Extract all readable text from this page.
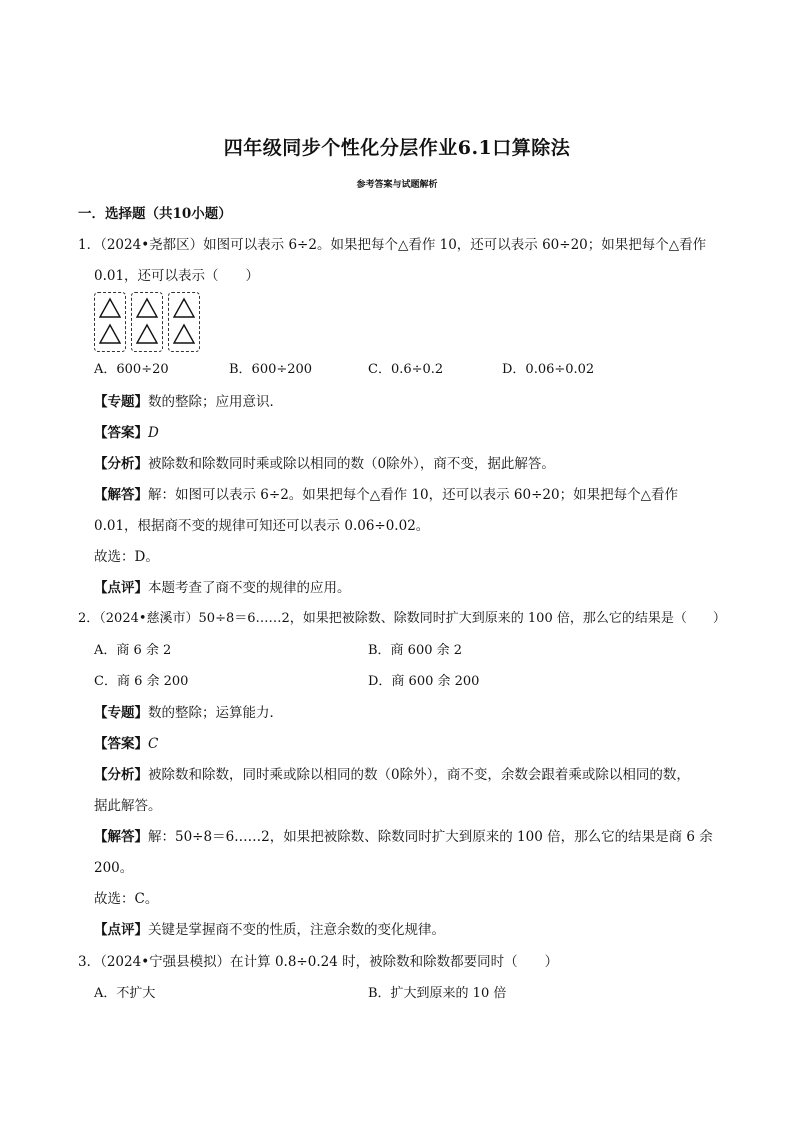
四年级同步个性化分层作业6.1口算除法
参考答案与试题解析
一．选择题（共10小题）
1．（2024•尧都区）如图可以表示 6÷2。如果把每个△看作 10，还可以表示 60÷20；如果把每个△看作
0.01，还可以表示（　　）
A．600÷20	B．600÷200	C．0.6÷0.2	D．0.06÷0.02
【专题】数的整除；应用意识．
【答案】D
【分析】被除数和除数同时乘或除以相同的数（0除外），商不变，据此解答。
【解答】解：如图可以表示 6÷2。如果把每个△看作 10，还可以表示 60÷20；如果把每个△看作
0.01，根据商不变的规律可知还可以表示 0.06÷0.02。
故选：D。
【点评】本题考查了商不变的规律的应用。
2．（2024•慈溪市）50÷8＝6……2，如果把被除数、除数同时扩大到原来的 100 倍，那么它的结果是（　　）
A．商 6 余 2	B．商 600 余 2
C．商 6 余 200	D．商 600 余 200
【专题】数的整除；运算能力．
【答案】C
【分析】被除数和除数，同时乘或除以相同的数（0除外），商不变，余数会跟着乘或除以相同的数，
据此解答。
【解答】解：50÷8＝6……2，如果把被除数、除数同时扩大到原来的 100 倍，那么它的结果是商 6 余
200。
故选：C。
【点评】关键是掌握商不变的性质，注意余数的变化规律。
3．（2024•宁强县模拟）在计算 0.8÷0.24 时，被除数和除数都要同时（　　）
A．不扩大	B．扩大到原来的 10 倍
